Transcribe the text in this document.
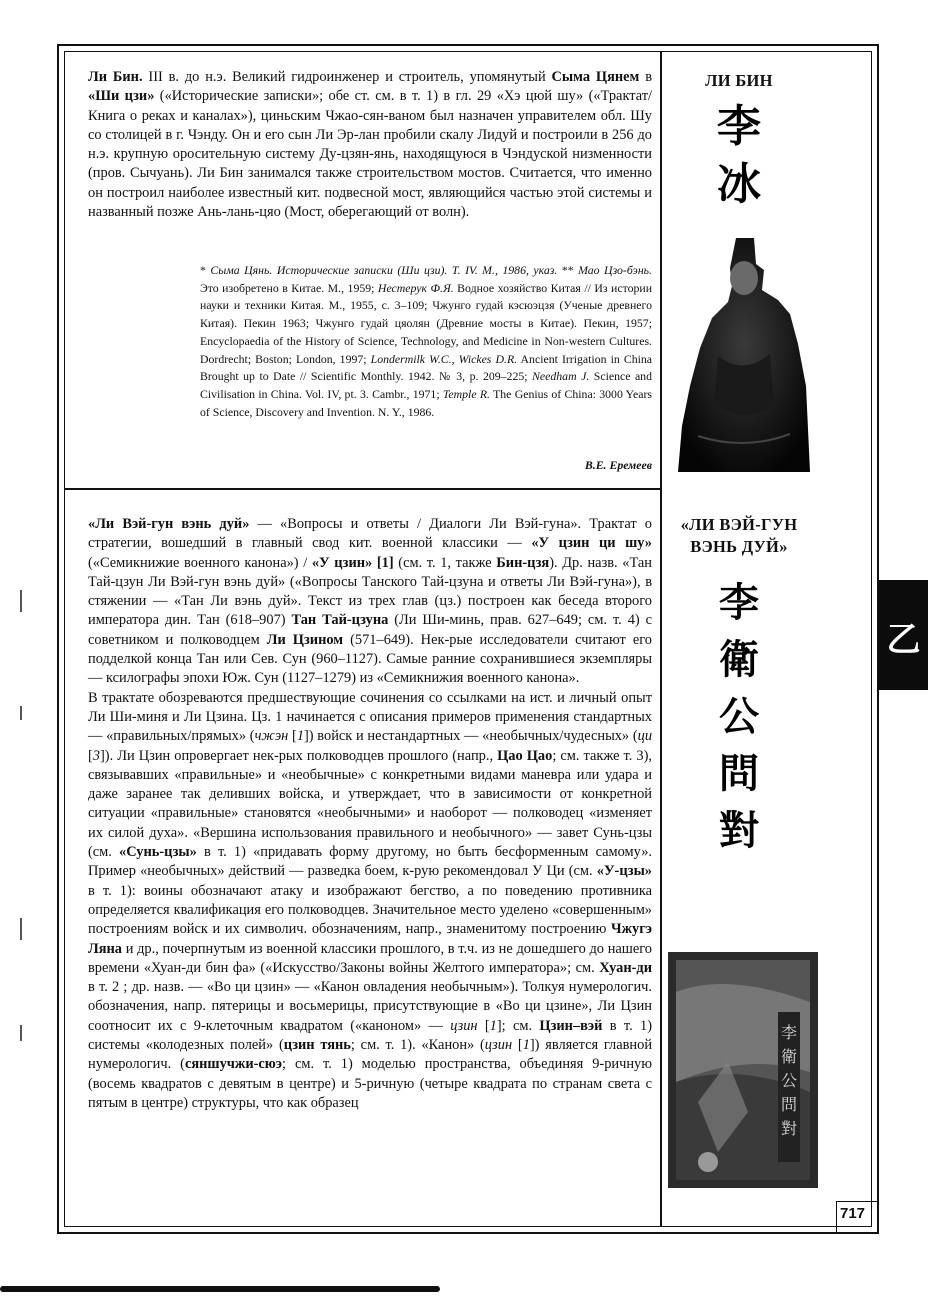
Ли Бин. III в. до н.э. Великий гидроинженер и строитель, упомянутый Сыма Цянем в «Ши цзи» («Исторические записки»; обе ст. см. в т. 1) в гл. 29 «Хэ цюй шу» («Трактат/Книга о реках и каналах»), циньским Чжао-сян-ваном был назначен управителем обл. Шу со столицей в г. Чэнду. Он и его сын Ли Эр-лан пробили скалу Лидуй и построили в 256 до н.э. крупную оросительную систему Ду-цзян-янь, находящуюся в Чэндуской низменности (пров. Сычуань). Ли Бин занимался также строительством мостов. Считается, что именно он построил наиболее известный кит. подвесной мост, являющийся частью этой системы и названный позже Ань-лань-цяо (Мост, оберегающий от волн).

* Сыма Цянь. Исторические записки (Ши цзи). Т. IV. М., 1986, указ. ** Мао Цзо-бэнь. Это изобретено в Китае. М., 1959; Нестерук Ф.Я. Водное хозяйство Китая // Из истории науки и техники Китая. М., 1955, с. 3–109; Чжунго гудай кэсюэцзя (Ученые древнего Китая). Пекин 1963; Чжунго гудай цяолян (Древние мосты в Китае). Пекин, 1957; Encyclopaedia of the History of Science, Technology, and Medicine in Non-western Cultures. Dordrecht; Boston; London, 1997; Londermilk W.C., Wickes D.R. Ancient Irrigation in China Brought up to Date // Scientific Monthly. 1942. № 3, p. 209–225; Needham J. Science and Civilisation in China. Vol. IV, pt. 3. Cambr., 1971; Temple R. The Genius of China: 3000 Years of Science, Discovery and Invention. N. Y., 1986.

В.Е. Еремеев
ЛИ БИН
李
冰
«ЛИ ВЭЙ-ГУН
ВЭНЬ ДУЙ»
李
衛
公
問
對

«Ли Вэй-гун вэнь дуй» — «Вопросы и ответы / Диалоги Ли Вэй-гуна». Трактат о стратегии, вошедший в главный свод кит. военной классики — «У цзин ци шу» («Семикнижие военного канона») / «У цзин» [1] (см. т. 1, также Бин-цзя). Др. назв. «Тан Тай-цзун Ли Вэй-гун вэнь дуй» («Вопросы Танского Тай-цзуна и ответы Ли Вэй-гуна»), в стяжении — «Тан Ли вэнь дуй». Текст из трех глав (цз.) построен как беседа второго императора дин. Тан (618–907) Тан Тай-цзуна (Ли Ши-минь, прав. 627–649; см. т. 4) с советником и полководцем Ли Цзином (571–649). Нек-рые исследователи считают его подделкой конца Тан или Сев. Сун (960–1127). Самые ранние сохранившиеся экземпляры — ксилографы эпохи Юж. Сун (1127–1279) из «Семикнижия военного канона».

В трактате обозреваются предшествующие сочинения со ссылками на ист. и личный опыт Ли Ши-миня и Ли Цзина. Цз. 1 начинается с описания примеров применения стандартных — «правильных/прямых» (чжэн [1]) войск и нестандартных — «необычных/чудесных» (ци [3]). Ли Цзин опровергает нек-рых полководцев прошлого (напр., Цао Цао; см. также т. 3), связывавших «правильные» и «необычные» с конкретными видами маневра или удара и даже заранее так деливших войска, и утверждает, что в зависимости от конкретной ситуации «правильные» становятся «необычными» и наоборот — полководец «изменяет их силой духа». «Вершина использования правильного и необычного» — завет Сунь-цзы (см. «Сунь-цзы» в т. 1) «придавать форму другому, но быть бесформенным самому». Пример «необычных» действий — разведка боем, к-рую рекомендовал У Ци (см. «У-цзы» в т. 1): воины обозначают атаку и изображают бегство, а по поведению противника определяется квалификация его полководцев. Значительное место уделено «совершенным» построениям войск и их символич. обозначениям, напр., знаменитому построению Чжугэ Ляна и др., почерпнутым из военной классики прошлого, в т.ч. из не дошедшего до нашего времени «Хуан-ди бин фа» («Искусство/Законы войны Желтого императора»; см. Хуан-ди в т. 2 ; др. назв. — «Во ци цзин» — «Канон овладения необычным»). Толкуя нумерологич. обозначения, напр. пятерицы и восьмерицы, присутствующие в «Во ци цзине», Ли Цзин соотносит их с 9-клеточным квадратом («каноном» — цзин [1]; см. Цзин–вэй в т. 1) системы «колодезных полей» (цзин тянь; см. т. 1). «Канон» (цзин [1]) является главной нумерологич. (сяншучжи-сюэ; см. т. 1) моделью пространства, объединяя 9-ричную (восемь квадратов с девятым в центре) и 5-ричную (четыре квадрата по странам света с пятым в центре) структуры, что как образец

李
衛
公
問
對
乙
717
